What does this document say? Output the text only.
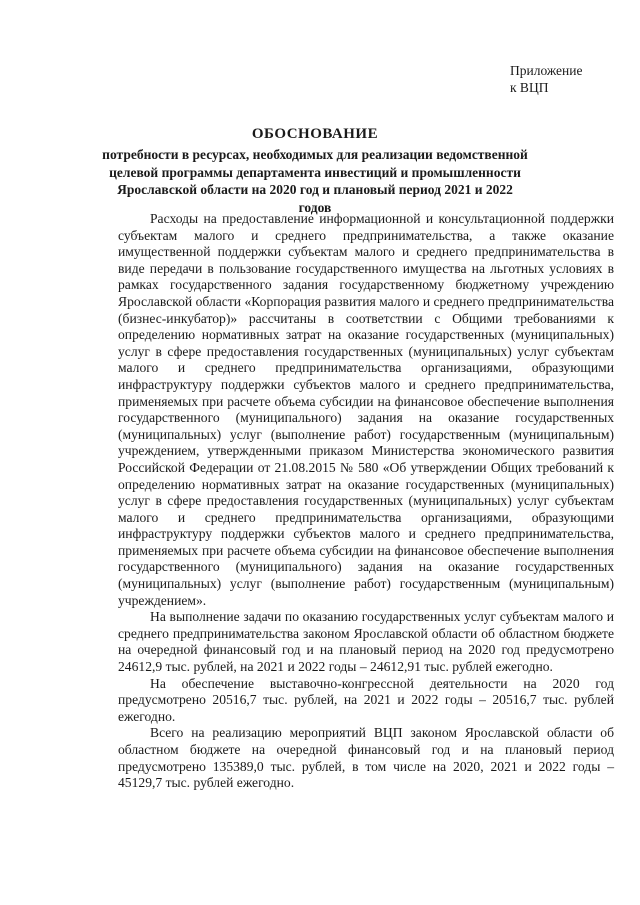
Приложение
к ВЦП
ОБОСНОВАНИЕ
потребности в ресурсах, необходимых для реализации ведомственной
целевой программы департамента инвестиций и промышленности
Ярославской области на 2020 год и плановый период 2021 и 2022 годов

Расходы на предоставление информационной и консультационной поддержки субъектам малого и среднего предпринимательства, а также оказание имущественной поддержки субъектам малого и среднего предпринимательства в виде передачи в пользование государственного имущества на льготных условиях в рамках государственного задания государственному бюджетному учреждению Ярославской области «Корпорация развития малого и среднего предпринимательства (бизнес-инкубатор)» рассчитаны в соответствии с Общими требованиями к определению нормативных затрат на оказание государственных (муниципальных) услуг в сфере предоставления государственных (муниципальных) услуг субъектам малого и среднего предпринимательства организациями, образующими инфраструктуру поддержки субъектов малого и среднего предпринимательства, применяемых при расчете объема субсидии на финансовое обеспечение выполнения государственного (муниципального) задания на оказание государственных (муниципальных) услуг (выполнение работ) государственным (муниципальным) учреждением, утвержденными приказом Министерства экономического развития Российской Федерации от 21.08.2015 № 580 «Об утверждении Общих требований к определению нормативных затрат на оказание государственных (муниципальных) услуг в сфере предоставления государственных (муниципальных) услуг субъектам малого и среднего предпринимательства организациями, образующими инфраструктуру поддержки субъектов малого и среднего предпринимательства, применяемых при расчете объема субсидии на финансовое обеспечение выполнения государственного (муниципального) задания на оказание государственных (муниципальных) услуг (выполнение работ) государственным (муниципальным) учреждением».

На выполнение задачи по оказанию государственных услуг субъектам малого и среднего предпринимательства законом Ярославской области об областном бюджете на очередной финансовый год и на плановый период на 2020 год предусмотрено 24612,9 тыс. рублей, на 2021 и 2022 годы – 24612,91 тыс. рублей ежегодно.

На обеспечение выставочно-конгрессной деятельности на 2020 год предусмотрено 20516,7 тыс. рублей, на 2021 и 2022 годы – 20516,7 тыс. рублей ежегодно.

Всего на реализацию мероприятий ВЦП законом Ярославской области об областном бюджете на очередной финансовый год и на плановый период предусмотрено 135389,0 тыс. рублей, в том числе на 2020, 2021 и 2022 годы – 45129,7 тыс. рублей ежегодно.
